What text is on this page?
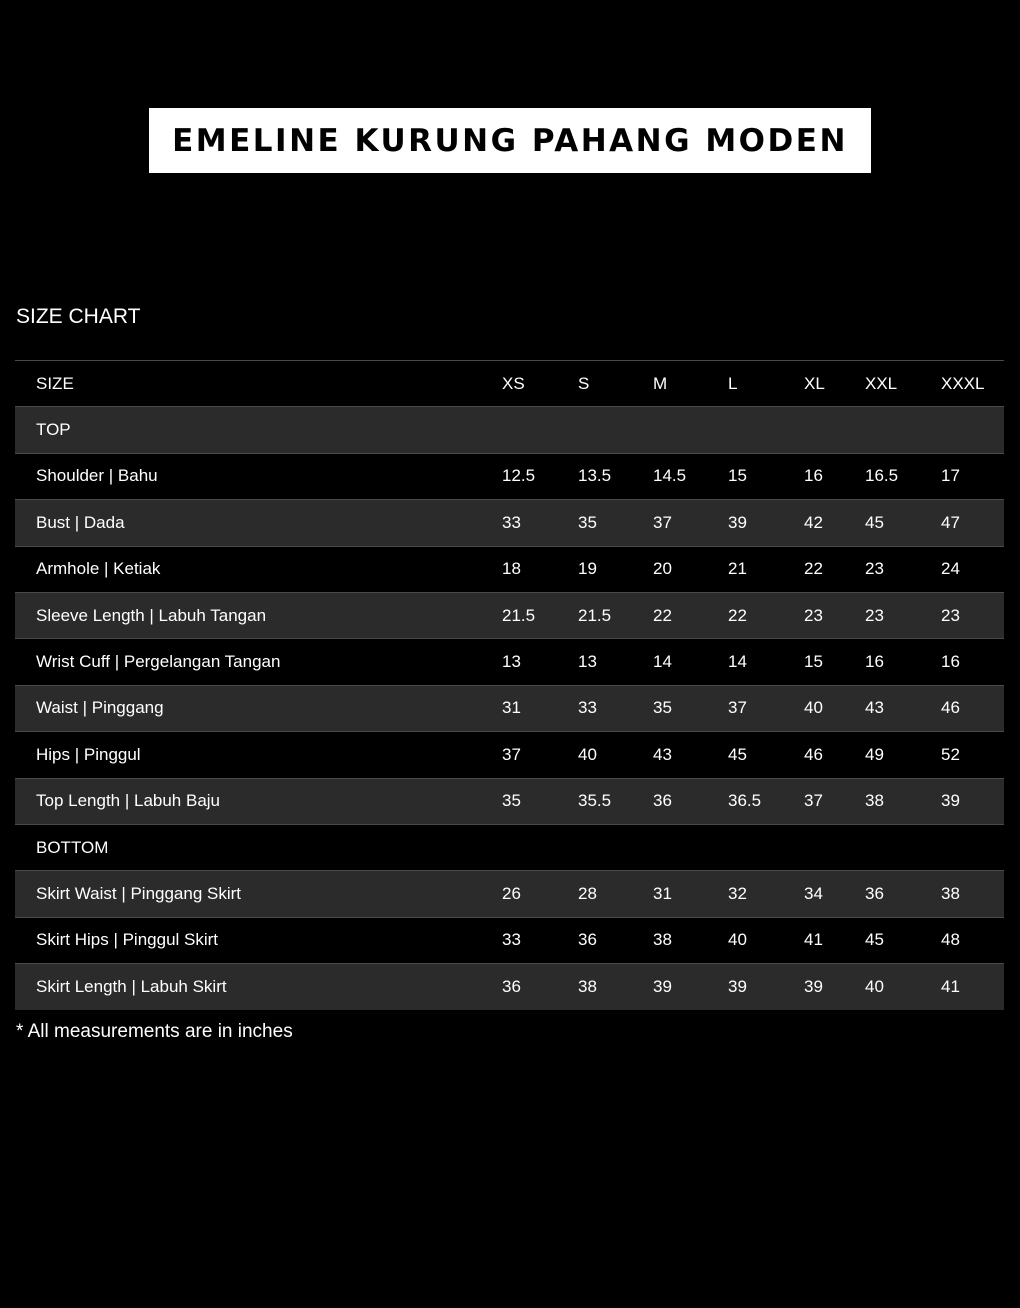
EMELINE KURUNG PAHANG MODEN
SIZE CHART
SIZE	XS	S	M	L	XL	XXL	XXXL
TOP							
Shoulder | Bahu	12.5	13.5	14.5	15	16	16.5	17
Bust | Dada	33	35	37	39	42	45	47
Armhole | Ketiak	18	19	20	21	22	23	24
Sleeve Length | Labuh Tangan	21.5	21.5	22	22	23	23	23
Wrist Cuff | Pergelangan Tangan	13	13	14	14	15	16	16
Waist | Pinggang	31	33	35	37	40	43	46
Hips | Pinggul	37	40	43	45	46	49	52
Top Length | Labuh Baju	35	35.5	36	36.5	37	38	39
BOTTOM							
Skirt Waist | Pinggang Skirt	26	28	31	32	34	36	38
Skirt Hips | Pinggul Skirt	33	36	38	40	41	45	48
Skirt Length | Labuh Skirt	36	38	39	39	39	40	41
* All measurements are in inches
